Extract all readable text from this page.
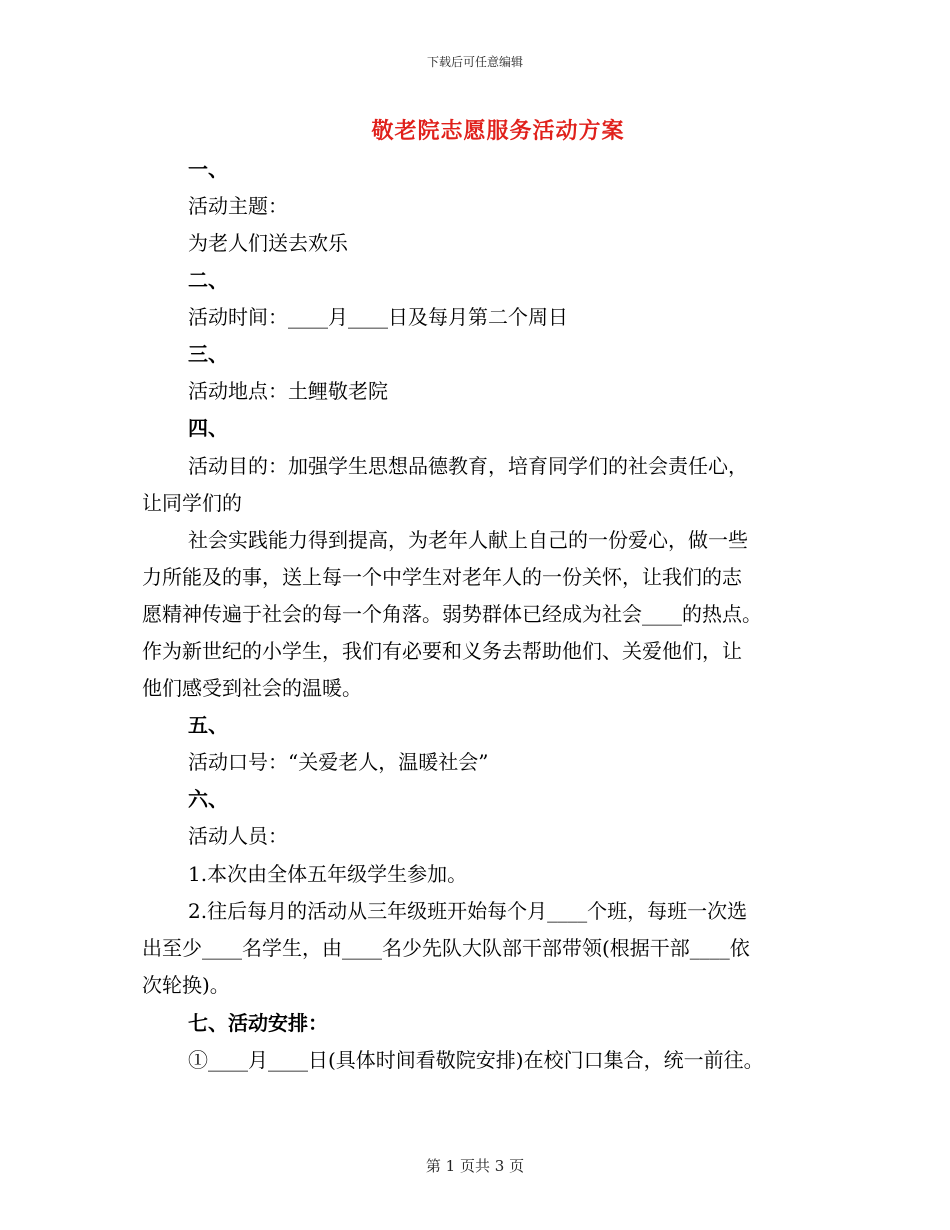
下载后可任意编辑
敬老院志愿服务活动方案
一、
活动主题：
为老人们送去欢乐
二、
活动时间：____月____日及每月第二个周日
三、
活动地点：土鲤敬老院
四、
活动目的：加强学生思想品德教育，培育同学们的社会责任心，
让同学们的
社会实践能力得到提高，为老年人献上自己的一份爱心，做一些
力所能及的事，送上每一个中学生对老年人的一份关怀，让我们的志
愿精神传遍于社会的每一个角落。弱势群体已经成为社会____的热点。
作为新世纪的小学生，我们有必要和义务去帮助他们、关爱他们，让
他们感受到社会的温暖。
五、
活动口号：“关爱老人，温暖社会”
六、
活动人员：
1.本次由全体五年级学生参加。
2.往后每月的活动从三年级班开始每个月____个班，每班一次选
出至少____名学生，由____名少先队大队部干部带领(根据干部____依
次轮换)。
七、活动安排：
①____月____日(具体时间看敬院安排)在校门口集合，统一前往。
第 1 页共 3 页
